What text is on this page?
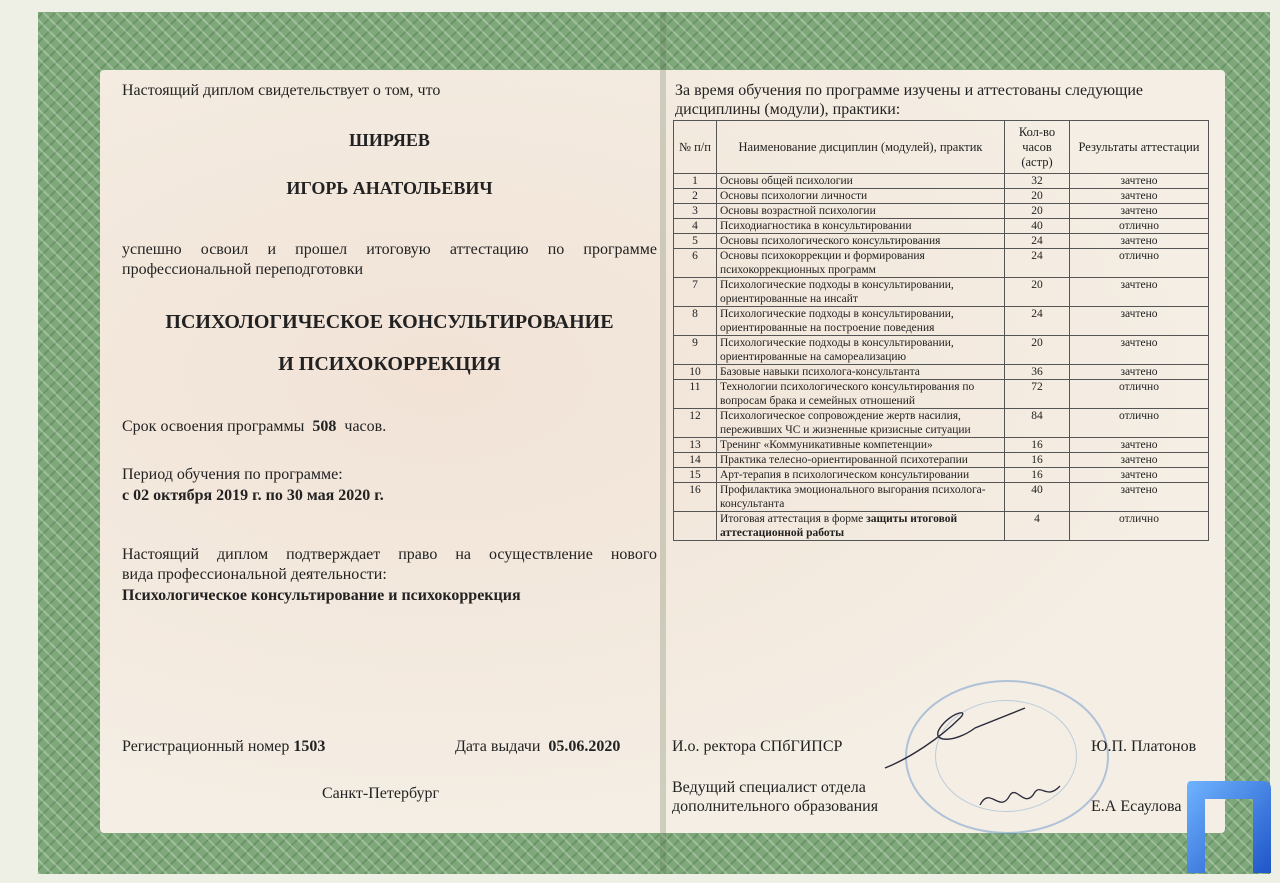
Настоящий диплом свидетельствует о том, что
ШИРЯЕВ
ИГОРЬ АНАТОЛЬЕВИЧ
успешно освоил и прошел итоговую аттестацию по программе
профессиональной переподготовки
ПСИХОЛОГИЧЕСКОЕ КОНСУЛЬТИРОВАНИЕ
И ПСИХОКОРРЕКЦИЯ
Срок освоения программы 508 часов.
Период обучения по программе:
с 02 октября 2019 г. по 30 мая 2020 г.
Настоящий диплом подтверждает право на осуществление нового
вида профессиональной деятельности:
Психологическое консультирование и психокоррекция
Регистрационный номер 1503	Дата выдачи 05.06.2020
Санкт-Петербург
За время обучения по программе изучены и аттестованы следующие
дисциплины (модули), практики:
№ п/п	Наименование дисциплин (модулей), практик	Кол-во часов (астр)	Результаты аттестации
1	Основы общей психологии	32	зачтено
2	Основы психологии личности	20	зачтено
3	Основы возрастной психологии	20	зачтено
4	Психодиагностика в консультировании	40	отлично
5	Основы психологического консультирования	24	зачтено
6	Основы психокоррекции и формирования психокоррекционных программ	24	отлично
7	Психологические подходы в консультировании, ориентированные на инсайт	20	зачтено
8	Психологические подходы в консультировании, ориентированные на построение поведения	24	зачтено
9	Психологические подходы в консультировании, ориентированные на самореализацию	20	зачтено
10	Базовые навыки психолога-консультанта	36	зачтено
11	Технологии психологического консультирования по вопросам брака и семейных отношений	72	отлично
12	Психологическое сопровождение жертв насилия, переживших ЧС и жизненные кризисные ситуации	84	отлично
13	Тренинг «Коммуникативные компетенции»	16	зачтено
14	Практика телесно-ориентированной психотерапии	16	зачтено
15	Арт-терапия в психологическом консультировании	16	зачтено
16	Профилактика эмоционального выгорания психолога-консультанта	40	зачтено
	Итоговая аттестация в форме защиты итоговой аттестационной работы	4	отлично
И.о. ректора СПбГИПСР	Ю.П. Платонов
Ведущий специалист отдела
дополнительного образования	Е.А Есаулова
